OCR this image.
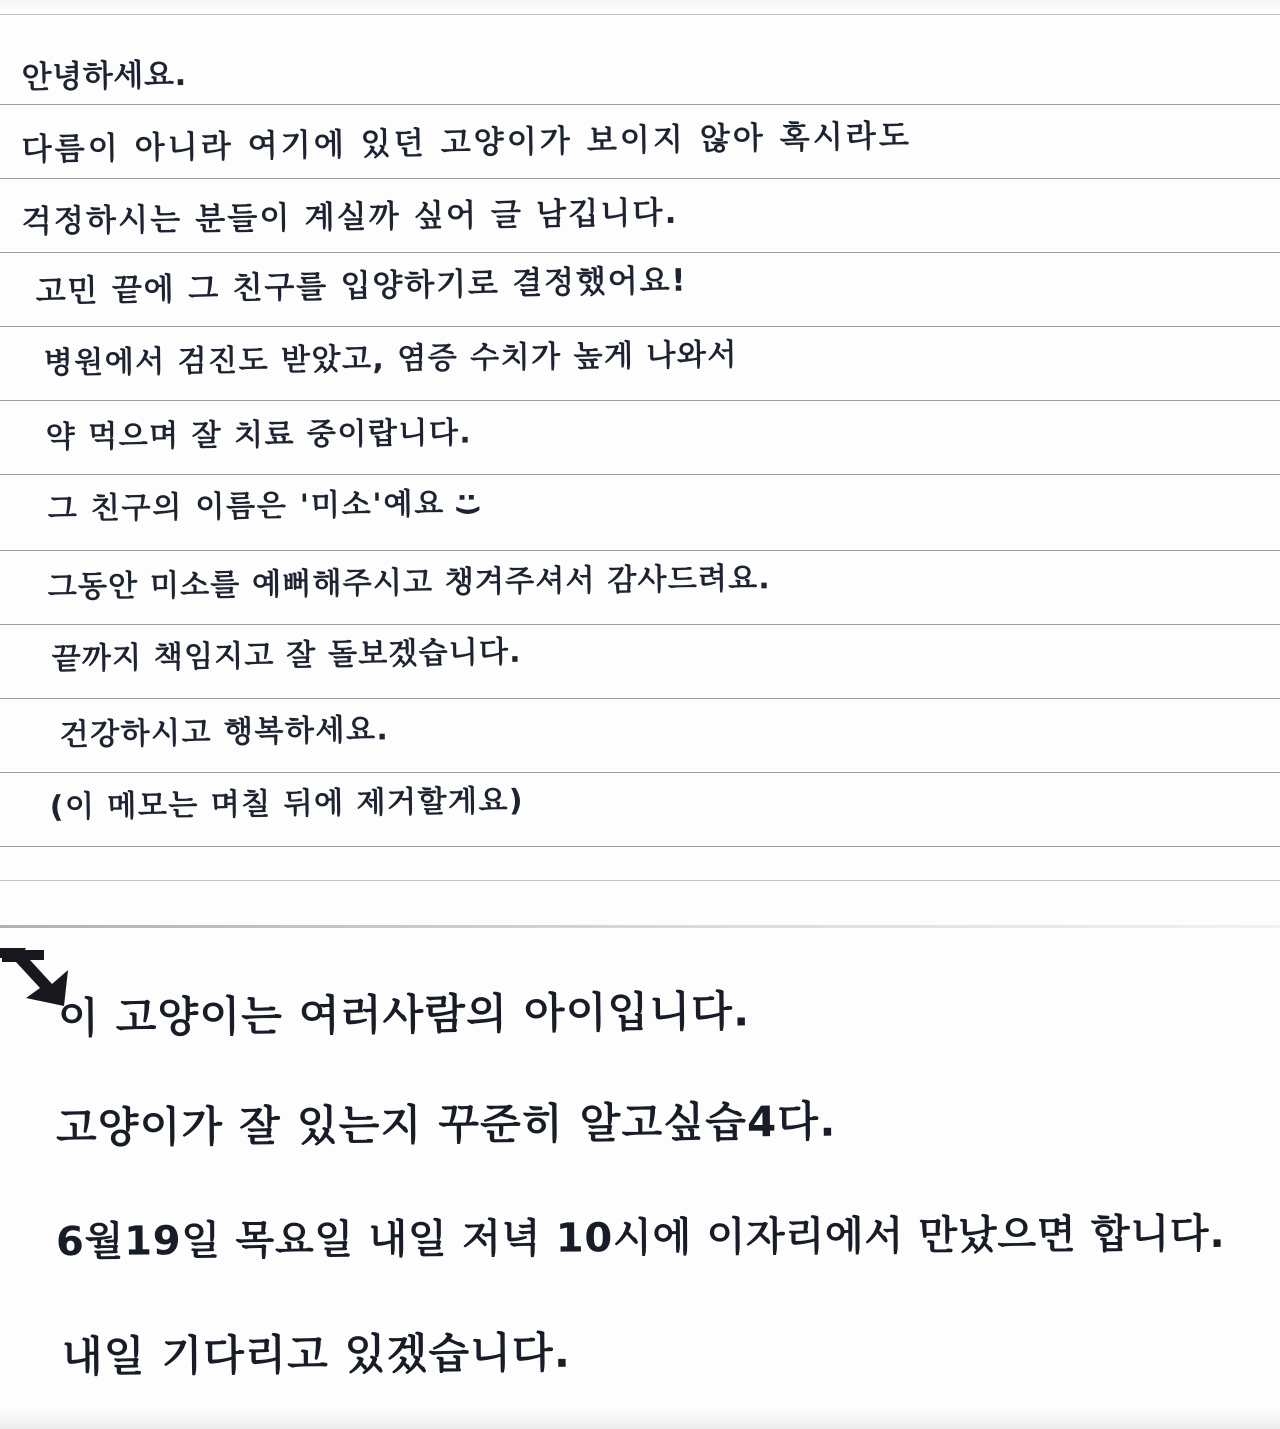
안녕하세요.
다름이 아니라 여기에 있던 고양이가 보이지 않아 혹시라도
걱정하시는 분들이 계실까 싶어 글 남깁니다.
고민 끝에 그 친구를 입양하기로 결정했어요!
병원에서 검진도 받았고, 염증 수치가 높게 나와서
약 먹으며 잘 치료 중이랍니다.
그 친구의 이름은 '미소'예요 :)
그동안 미소를 예뻐해주시고 챙겨주셔서 감사드려요.
끝까지 책임지고 잘 돌보겠습니다.
건강하시고 행복하세요.
(이 메모는 며칠 뒤에 제거할게요)
이 고양이는 여러사람의 아이입니다.
고양이가 잘 있는지 꾸준히 알고싶습4다.
6월19일 목요일 내일 저녁 10시에 이자리에서 만났으면 합니다.
내일 기다리고 있겠습니다.
